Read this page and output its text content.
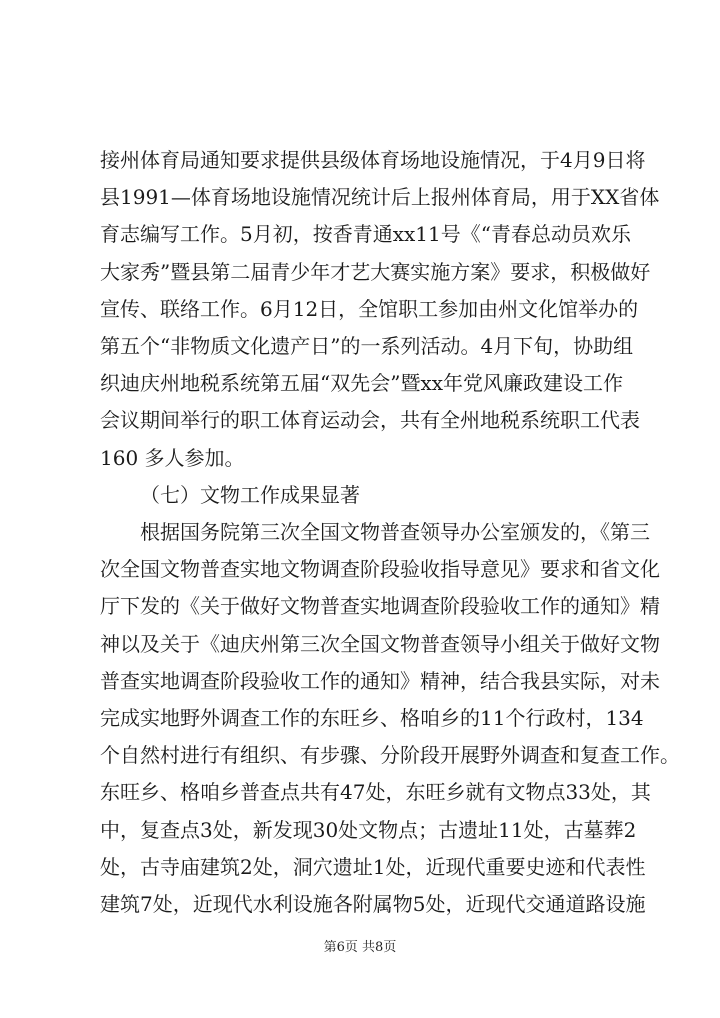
接州体育局通知要求提供县级体育场地设施情况，于4月9日将
县1991—体育场地设施情况统计后上报州体育局，用于XX省体
育志编写工作。5月初，按香青通xx11号《“青春总动员欢乐
大家秀”暨县第二届青少年才艺大赛实施方案》要求，积极做好
宣传、联络工作。6月12日，全馆职工参加由州文化馆举办的
第五个“非物质文化遗产日”的一系列活动。4月下旬，协助组
织迪庆州地税系统第五届“双先会”暨xx年党风廉政建设工作
会议期间举行的职工体育运动会，共有全州地税系统职工代表
160 多人参加。
（七）文物工作成果显著
根据国务院第三次全国文物普查领导办公室颁发的，《第三
次全国文物普查实地文物调查阶段验收指导意见》要求和省文化
厅下发的《关于做好文物普查实地调查阶段验收工作的通知》精
神以及关于《迪庆州第三次全国文物普查领导小组关于做好文物
普查实地调查阶段验收工作的通知》精神，结合我县实际，对未
完成实地野外调查工作的东旺乡、格咱乡的11个行政村，134
个自然村进行有组织、有步骤、分阶段开展野外调查和复查工作。
东旺乡、格咱乡普查点共有47处，东旺乡就有文物点33处，其
中，复查点3处，新发现30处文物点；古遗址11处，古墓葬2
处，古寺庙建筑2处，洞穴遗址1处，近现代重要史迹和代表性
建筑7处，近现代水利设施各附属物5处，近现代交通道路设施
第6页 共8页
